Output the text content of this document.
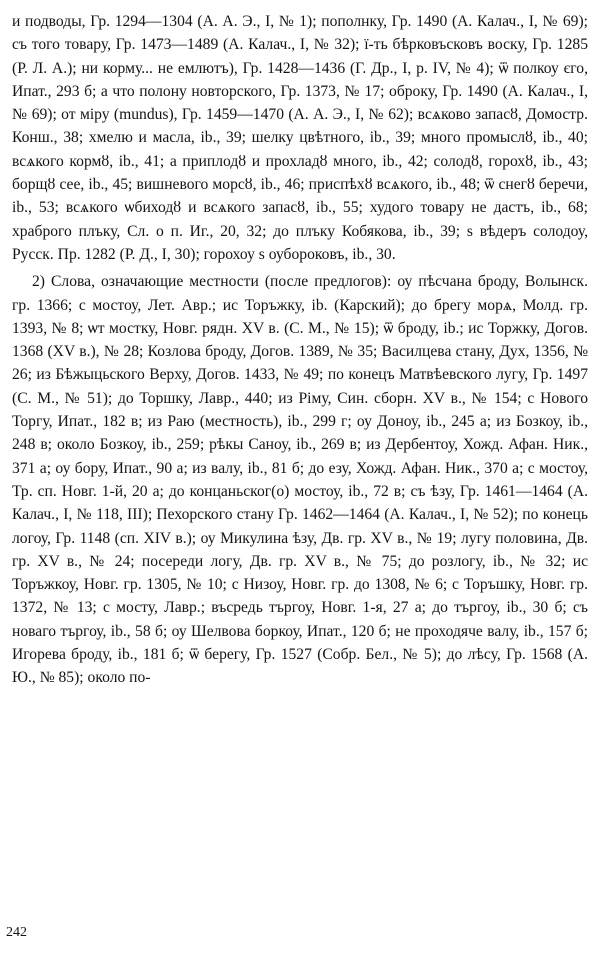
и подводы, Гр. 1294—1304 (А. А. Э., I, № 1); пополнку, Гр. 1490 (А. Калач., I, № 69); съ того товару, Гр. 1473—1489 (А. Калач., I, № 32); ї-ть бѣрковъсковъ воску, Гр. 1285 (Р. Л. А.); ни корму... не емлютъ), Гр. 1428—1436 (Г. Др., I, р. IV, № 4); ѿ полкоу єго, Ипат., 293 б; а что полону новторского, Гр. 1373, № 17; оброку, Гр. 1490 (А. Калач., I, № 69); от міру (mundus), Гр. 1459—1470 (А. А. Э., I, № 62); всѧково запасȣ, Домостр. Конш., 38; хмелю и масла, ib., 39; шелку цвѣтного, ib., 39; много промыслȣ, ib., 40; всѧкого кормȣ, ib., 41; а приплодȣ и прохладȣ много, ib., 42; солодȣ, горохȣ, ib., 43; борщȣ сее, ib., 45; вишневого морсȣ, ib., 46; приспѣхȣ всѧкого, ib., 48; ѿ снегȣ беречи, ib., 53; всѧкого ѡбиходȣ и всѧкого запасȣ, ib., 55; худого товару не дастъ, ib., 68; храброго плъку, Сл. о п. Иг., 20, 32; до плъку Кобякова, ib., 39; ѕ вѣдеръ солодоу, Русск. Пр. 1282 (Р. Д., I, 30); горохоу ѕ оубороковъ, ib., 30.

2) Слова, означающие местности (после предлогов): оу пѣсчана броду, Волынск. гр. 1366; с мостоу, Лет. Авр.; ис Торъжку, ib. (Карский); до брегу морѧ, Молд. гр. 1393, № 8; ѡт мостку, Новг. рядн. XV в. (С. М., № 15); ѿ броду, ib.; ис Торжку, Догов. 1368 (XV в.), № 28; Козлова броду, Догов. 1389, № 35; Василцева стану, Дух, 1356, № 26; из Бѣжыцьского Верху, Догов. 1433, № 49; по конецъ Матвѣевского лугу, Гр. 1497 (С. М., № 51); до Торшку, Лавр., 440; из Ріму, Син. сборн. XV в., № 154; с Нового Торгу, Ипат., 182 в; из Раю (местность), ib., 299 г; оу Доноу, ib., 245 а; из Бозкоу, ib., 248 в; около Бозкоу, ib., 259; рѣкы Саноу, ib., 269 в; из Дербентоу, Хожд. Афан. Ник., 371 а; оу бору, Ипат., 90 а; из валу, ib., 81 б; до езу, Хожд. Афан. Ник., 370 а; с мостоу, Тр. сп. Новг. 1-й, 20 а; до концаньског(о) мостоу, ib., 72 в; съ ѣзу, Гр. 1461—1464 (А. Калач., I, № 118, III); Пехорского стану Гр. 1462—1464 (А. Калач., I, № 52); по конець логоу, Гр. 1148 (сп. XIV в.); оу Микулина ѣзу, Дв. гр. XV в., № 19; лугу половина, Дв. гр. XV в., № 24; посереди логу, Дв. гр. XV в., № 75; до розлогу, ib., № 32; ис Торъжкоу, Новг. гр. 1305, № 10; с Низоу, Новг. гр. до 1308, № 6; с Торъшку, Новг. гр. 1372, № 13; с мосту, Лавр.; въсредь търгоу, Новг. 1-я, 27 а; до търгоу, ib., 30 б; съ новаго търгоу, ib., 58 б; оу Шелвова боркоу, Ипат., 120 б; не проходяче валу, ib., 157 б; Игорева броду, ib., 181 б; ѿ берегу, Гр. 1527 (Собр. Бел., № 5); до лѣсу, Гр. 1568 (А. Ю., № 85); около по-

242
